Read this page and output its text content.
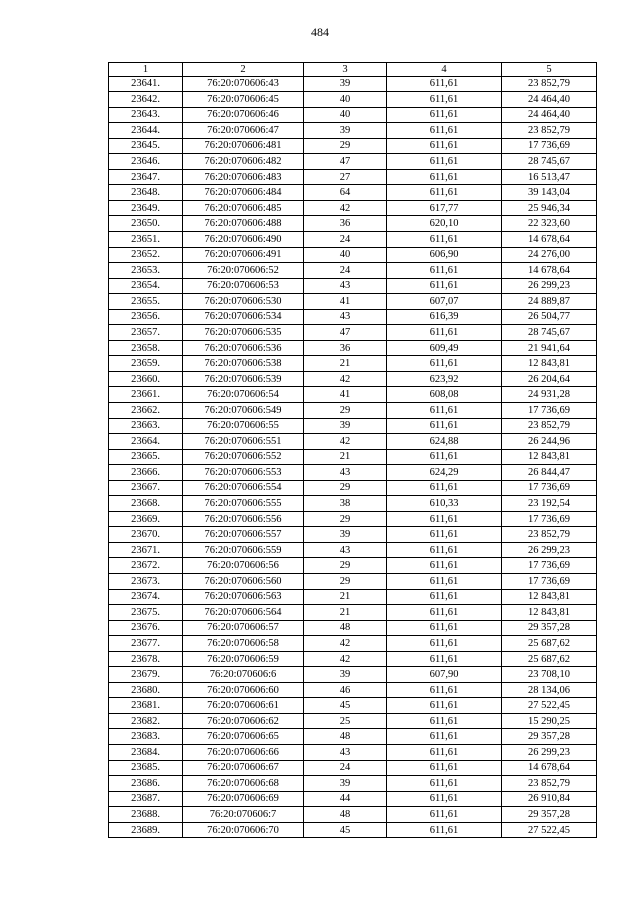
484
1	2	3	4	5
23641.	76:20:070606:43	39	611,61	23 852,79
23642.	76:20:070606:45	40	611,61	24 464,40
23643.	76:20:070606:46	40	611,61	24 464,40
23644.	76:20:070606:47	39	611,61	23 852,79
23645.	76:20:070606:481	29	611,61	17 736,69
23646.	76:20:070606:482	47	611,61	28 745,67
23647.	76:20:070606:483	27	611,61	16 513,47
23648.	76:20:070606:484	64	611,61	39 143,04
23649.	76:20:070606:485	42	617,77	25 946,34
23650.	76:20:070606:488	36	620,10	22 323,60
23651.	76:20:070606:490	24	611,61	14 678,64
23652.	76:20:070606:491	40	606,90	24 276,00
23653.	76:20:070606:52	24	611,61	14 678,64
23654.	76:20:070606:53	43	611,61	26 299,23
23655.	76:20:070606:530	41	607,07	24 889,87
23656.	76:20:070606:534	43	616,39	26 504,77
23657.	76:20:070606:535	47	611,61	28 745,67
23658.	76:20:070606:536	36	609,49	21 941,64
23659.	76:20:070606:538	21	611,61	12 843,81
23660.	76:20:070606:539	42	623,92	26 204,64
23661.	76:20:070606:54	41	608,08	24 931,28
23662.	76:20:070606:549	29	611,61	17 736,69
23663.	76:20:070606:55	39	611,61	23 852,79
23664.	76:20:070606:551	42	624,88	26 244,96
23665.	76:20:070606:552	21	611,61	12 843,81
23666.	76:20:070606:553	43	624,29	26 844,47
23667.	76:20:070606:554	29	611,61	17 736,69
23668.	76:20:070606:555	38	610,33	23 192,54
23669.	76:20:070606:556	29	611,61	17 736,69
23670.	76:20:070606:557	39	611,61	23 852,79
23671.	76:20:070606:559	43	611,61	26 299,23
23672.	76:20:070606:56	29	611,61	17 736,69
23673.	76:20:070606:560	29	611,61	17 736,69
23674.	76:20:070606:563	21	611,61	12 843,81
23675.	76:20:070606:564	21	611,61	12 843,81
23676.	76:20:070606:57	48	611,61	29 357,28
23677.	76:20:070606:58	42	611,61	25 687,62
23678.	76:20:070606:59	42	611,61	25 687,62
23679.	76:20:070606:6	39	607,90	23 708,10
23680.	76:20:070606:60	46	611,61	28 134,06
23681.	76:20:070606:61	45	611,61	27 522,45
23682.	76:20:070606:62	25	611,61	15 290,25
23683.	76:20:070606:65	48	611,61	29 357,28
23684.	76:20:070606:66	43	611,61	26 299,23
23685.	76:20:070606:67	24	611,61	14 678,64
23686.	76:20:070606:68	39	611,61	23 852,79
23687.	76:20:070606:69	44	611,61	26 910,84
23688.	76:20:070606:7	48	611,61	29 357,28
23689.	76:20:070606:70	45	611,61	27 522,45
